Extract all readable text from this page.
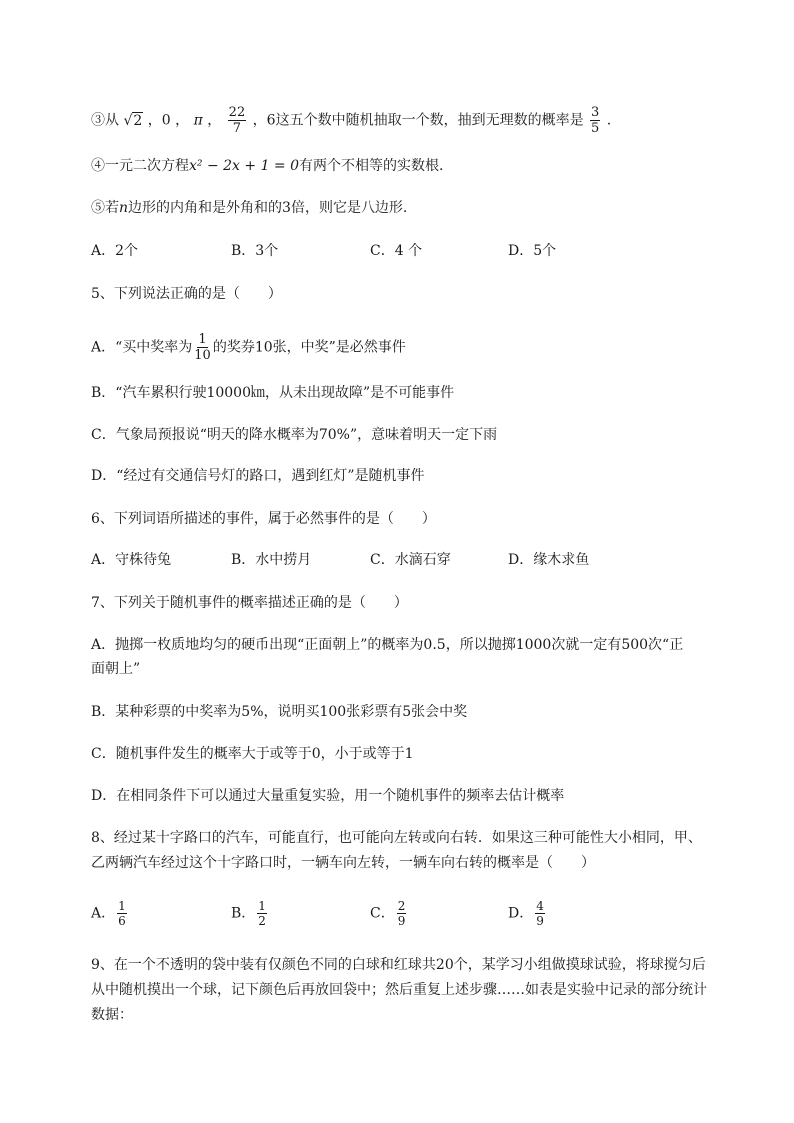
③从 √2 ，0 ， π ， $\frac{22}{7}$ ，6这五个数中随机抽取一个数，抽到无理数的概率是 $\frac{3}{5}$ .
④一元二次方程x² − 2x + 1 = 0有两个不相等的实数根.
⑤若n边形的内角和是外角和的3倍，则它是八边形.
A．2个	B．3个	C．4 个	D．5个
5、下列说法正确的是（　　）
A．“买中奖率为 $\frac{1}{10}$ 的奖券10张，中奖”是必然事件
B．“汽车累积行驶10000㎞，从未出现故障”是不可能事件
C．气象局预报说“明天的降水概率为70%”，意味着明天一定下雨
D．“经过有交通信号灯的路口，遇到红灯”是随机事件
6、下列词语所描述的事件，属于必然事件的是（　　）
A．守株待兔	B．水中捞月	C．水滴石穿	D．缘木求鱼
7、下列关于随机事件的概率描述正确的是（　　）
A．抛掷一枚质地均匀的硬币出现“正面朝上”的概率为0.5，所以抛掷1000次就一定有500次“正
面朝上”
B．某种彩票的中奖率为5%，说明买100张彩票有5张会中奖
C．随机事件发生的概率大于或等于0，小于或等于1
D．在相同条件下可以通过大量重复实验，用一个随机事件的频率去估计概率
8、经过某十字路口的汽车，可能直行，也可能向左转或向右转．如果这三种可能性大小相同，甲、
乙两辆汽车经过这个十字路口时，一辆车向左转，一辆车向右转的概率是（　　）
A． $\frac{1}{6}$	B． $\frac{1}{2}$	C． $\frac{2}{9}$	D． $\frac{4}{9}$
9、在一个不透明的袋中装有仅颜色不同的白球和红球共20个，某学习小组做摸球试验，将球搅匀后
从中随机摸出一个球，记下颜色后再放回袋中；然后重复上述步骤……如表是实验中记录的部分统计
数据：
